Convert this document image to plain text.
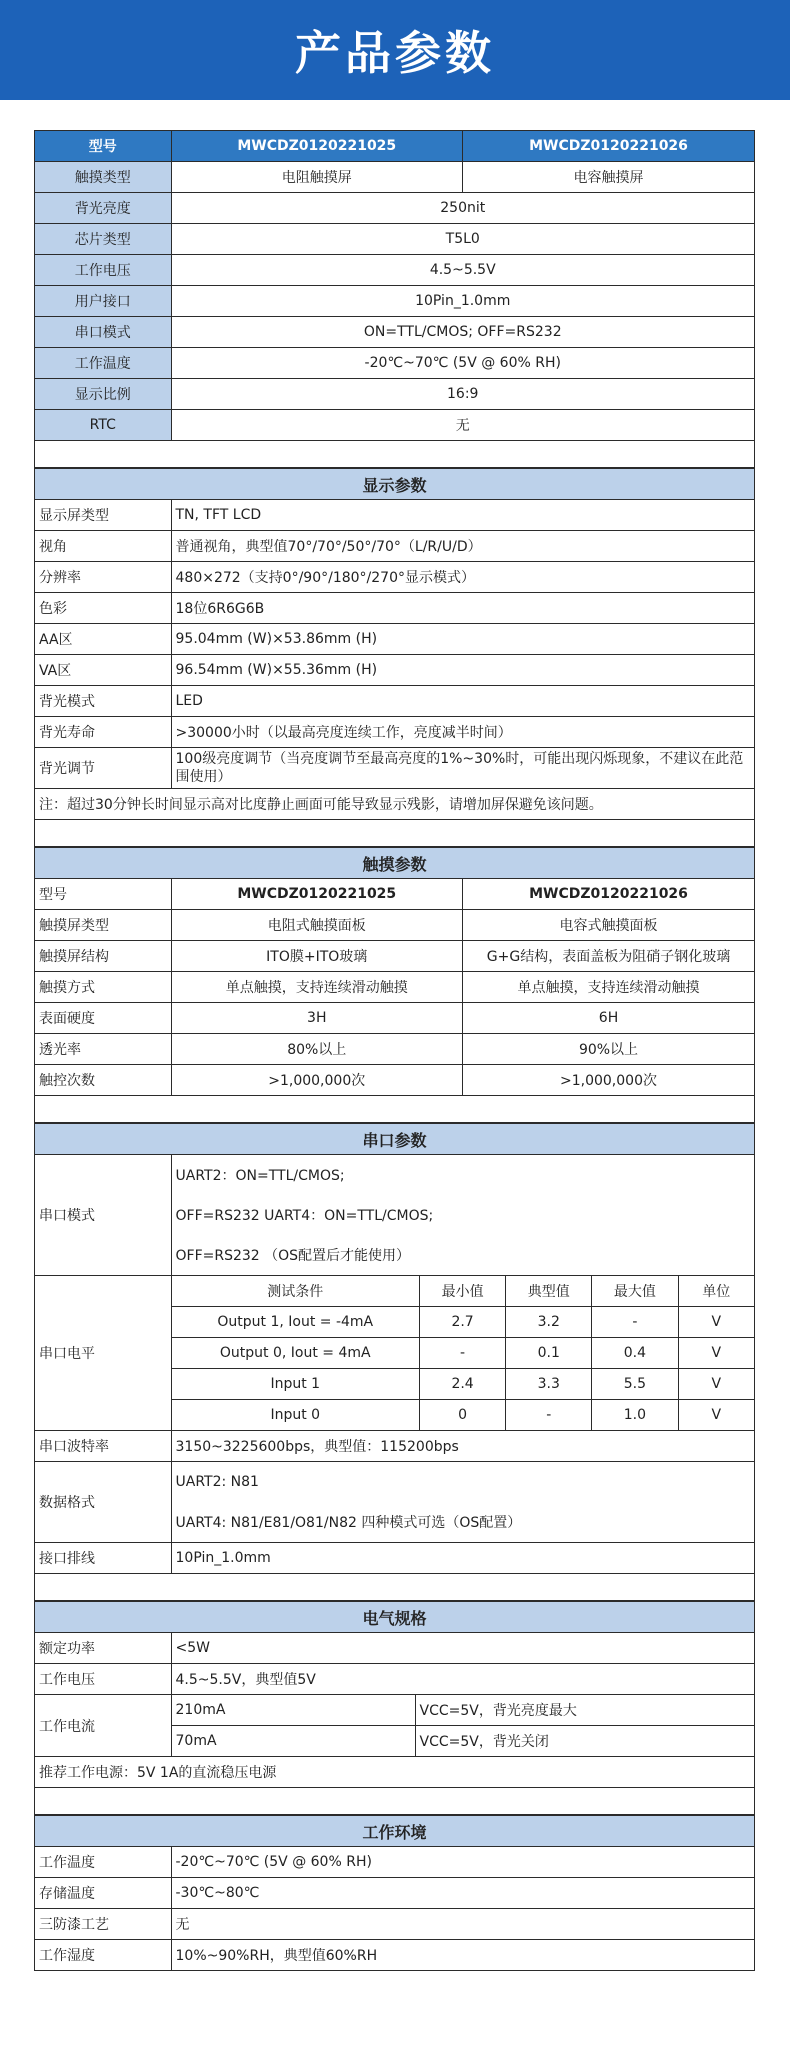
产品参数
型号	MWCDZ0120221025	MWCDZ0120221026
触摸类型	电阻触摸屏	电容触摸屏
背光亮度	250nit	
芯片类型	T5L0	
工作电压	4.5~5.5V	
用户接口	10Pin_1.0mm	
串口模式	ON=TTL/CMOS; OFF=RS232	
工作温度	-20℃~70℃ (5V @ 60% RH)	
显示比例	16:9	
RTC	无	

显示参数	
显示屏类型	TN, TFT LCD
视角	普通视角，典型值70°/70°/50°/70°（L/R/U/D）
分辨率	480×272（支持0°/90°/180°/270°显示模式）
色彩	18位6R6G6B
AA区	95.04mm (W)×53.86mm (H)
VA区	96.54mm (W)×55.36mm (H)
背光模式	LED
背光寿命	>30000小时（以最高亮度连续工作，亮度减半时间）
背光调节	100级亮度调节（当亮度调节至最高亮度的1%~30%时，可能出现闪烁现象，不建议在此范围使用）
注：超过30分钟长时间显示高对比度静止画面可能导致显示残影，请增加屏保避免该问题。	

触摸参数		
型号	MWCDZ0120221025	MWCDZ0120221026
触摸屏类型	电阻式触摸面板	电容式触摸面板
触摸屏结构	ITO膜+ITO玻璃	G+G结构，表面盖板为阻硝子钢化玻璃
触摸方式	单点触摸，支持连续滑动触摸	单点触摸，支持连续滑动触摸
表面硬度	3H	6H
透光率	80%以上	90%以上
触控次数	>1,000,000次	>1,000,000次

串口参数
串口模式	
UART2：ON=TTL/CMOS;
OFF=RS232 UART4：ON=TTL/CMOS;
OFF=RS232 （OS配置后才能使用）

串口电平	
测试条件	最小值	典型值	最大值	单位
Output 1, Iout = -4mA	2.7	3.2	-	V
Output 0, Iout = 4mA	-	0.1	0.4	V
Input 1	2.4	3.3	5.5	V
Input 0	0	-	1.0	V

串口波特率	3150~3225600bps，典型值：115200bps
数据格式	
UART2: N81
UART4: N81/E81/O81/N82 四种模式可选（OS配置）

接口排线	10Pin_1.0mm

电气规格		
额定功率	<5W	
工作电压	4.5~5.5V，典型值5V	
工作电流	210mA	VCC=5V，背光亮度最大
	70mA	VCC=5V，背光关闭
推荐工作电源：5V 1A的直流稳压电源		

工作环境	
工作温度	-20℃~70℃ (5V @ 60% RH)
存储温度	-30℃~80℃
三防漆工艺	无
工作湿度	10%~90%RH，典型值60%RH
